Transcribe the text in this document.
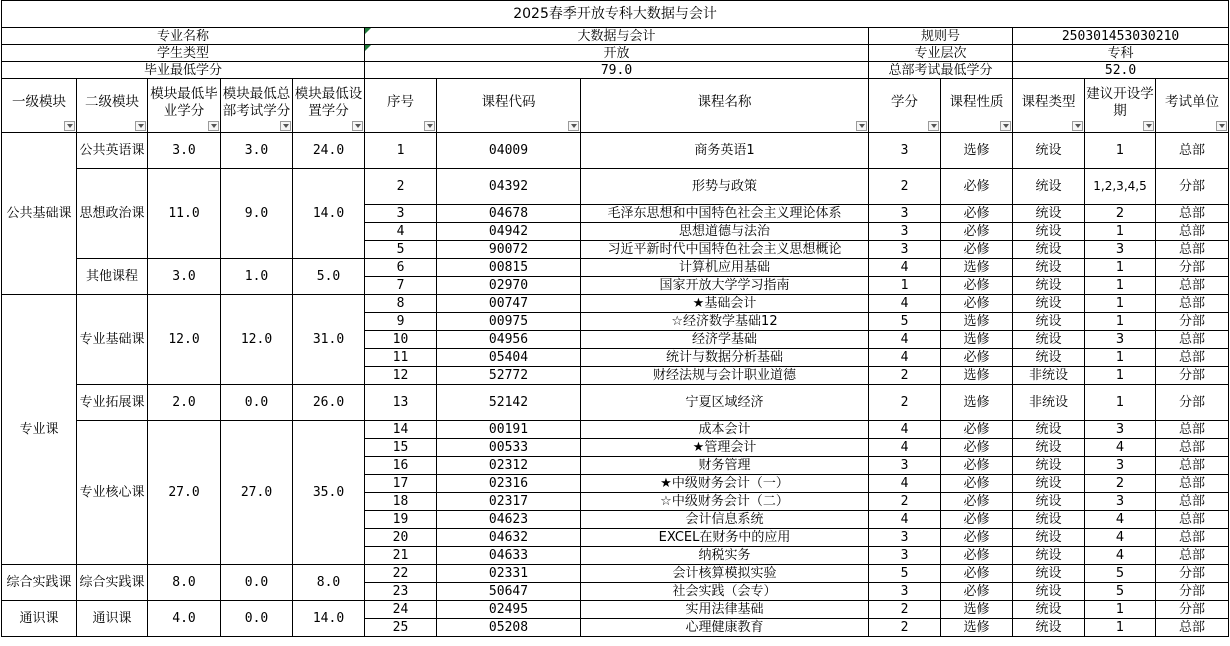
2025春季开放专科大数据与会计												
专业名称					大数据与会计			规则号		250301453030210		
学生类型					开放			专业层次		专科		
毕业最低学分					79.0			总部考试最低学分		52.0		

一级模块	二级模块	模块最低毕业学分	模块最低总部考试学分	模块最低设置学分	序号	课程代码	课程名称	学分	课程性质	课程类型	建议开设学期	考试单位

公共基础课	公共英语课	3.0	3.0	24.0	1	04009	商务英语1	3	选修	统设	1	总部
	思想政治课	11.0	9.0	14.0	2	04392	形势与政策	2	必修	统设	1,2,3,4,5	分部
					3	04678	毛泽东思想和中国特色社会主义理论体系	3	必修	统设	2	总部
					4	04942	思想道德与法治	3	必修	统设	1	总部
					5	90072	习近平新时代中国特色社会主义思想概论	3	必修	统设	3	总部
	其他课程	3.0	1.0	5.0	6	00815	计算机应用基础	4	选修	统设	1	分部
					7	02970	国家开放大学学习指南	1	必修	统设	1	总部
专业课	专业基础课	12.0	12.0	31.0	8	00747	★基础会计	4	必修	统设	1	总部
					9	00975	☆经济数学基础12	5	选修	统设	1	分部
					10	04956	经济学基础	4	选修	统设	3	总部
					11	05404	统计与数据分析基础	4	必修	统设	1	总部
					12	52772	财经法规与会计职业道德	2	选修	非统设	1	分部
	专业拓展课	2.0	0.0	26.0	13	52142	宁夏区域经济	2	选修	非统设	1	分部
	专业核心课	27.0	27.0	35.0	14	00191	成本会计	4	必修	统设	3	总部
					15	00533	★管理会计	4	必修	统设	4	总部
					16	02312	财务管理	3	必修	统设	3	总部
					17	02316	★中级财务会计（一）	4	必修	统设	2	总部
					18	02317	☆中级财务会计（二）	2	必修	统设	3	总部
					19	04623	会计信息系统	4	必修	统设	4	总部
					20	04632	EXCEL在财务中的应用	3	必修	统设	4	总部
					21	04633	纳税实务	3	必修	统设	4	总部
综合实践课	综合实践课	8.0	0.0	8.0	22	02331	会计核算模拟实验	5	必修	统设	5	分部
					23	50647	社会实践（会专）	3	必修	统设	5	分部
通识课	通识课	4.0	0.0	14.0	24	02495	实用法律基础	2	选修	统设	1	分部
					25	05208	心理健康教育	2	选修	统设	1	总部
